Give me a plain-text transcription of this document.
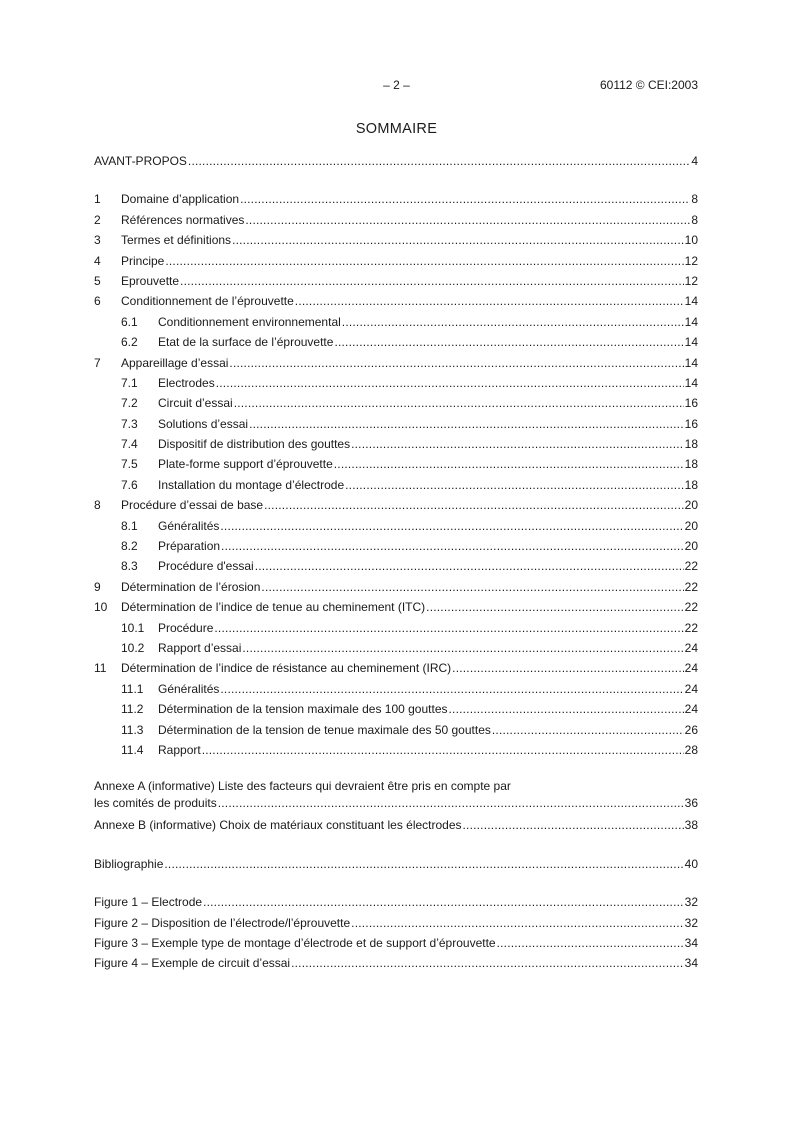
– 2 –	60112 © CEI:2003
SOMMAIRE
AVANT-PROPOS .....	4
1	Domaine d’application .....	8
2	Références normatives .....	8
3	Termes et définitions .....	10
4	Principe .....	12
5	Eprouvette .....	12
6	Conditionnement de l’éprouvette .....	14
6.1	Conditionnement environnemental .....	14
6.2	Etat de la surface de l’éprouvette .....	14
7	Appareillage d’essai .....	14
7.1	Electrodes .....	14
7.2	Circuit d’essai .....	16
7.3	Solutions d’essai .....	16
7.4	Dispositif de distribution des gouttes .....	18
7.5	Plate-forme support d’éprouvette .....	18
7.6	Installation du montage d’électrode .....	18
8	Procédure d’essai de base .....	20
8.1	Généralités .....	20
8.2	Préparation .....	20
8.3	Procédure d'essai .....	22
9	Détermination de l’érosion .....	22
10	Détermination de l’indice de tenue au cheminement (ITC) .....	22
10.1	Procédure .....	22
10.2	Rapport d’essai .....	24
11	Détermination de l’indice de résistance au cheminement (IRC) .....	24
11.1	Généralités .....	24
11.2	Détermination de la tension maximale des 100 gouttes .....	24
11.3	Détermination de la tension de tenue maximale des 50 gouttes .....	26
11.4	Rapport .....	28
Annexe A (informative) Liste des facteurs qui devraient être pris en compte par
les comités de produits .....	36
Annexe B (informative) Choix de matériaux constituant les électrodes .....	38
Bibliographie .....	40
Figure 1 – Electrode .....	32
Figure 2 – Disposition de l’électrode/l’éprouvette .....	32
Figure 3 – Exemple type de montage d’électrode et de support d’éprouvette .....	34
Figure 4 – Exemple de circuit d’essai .....	34
